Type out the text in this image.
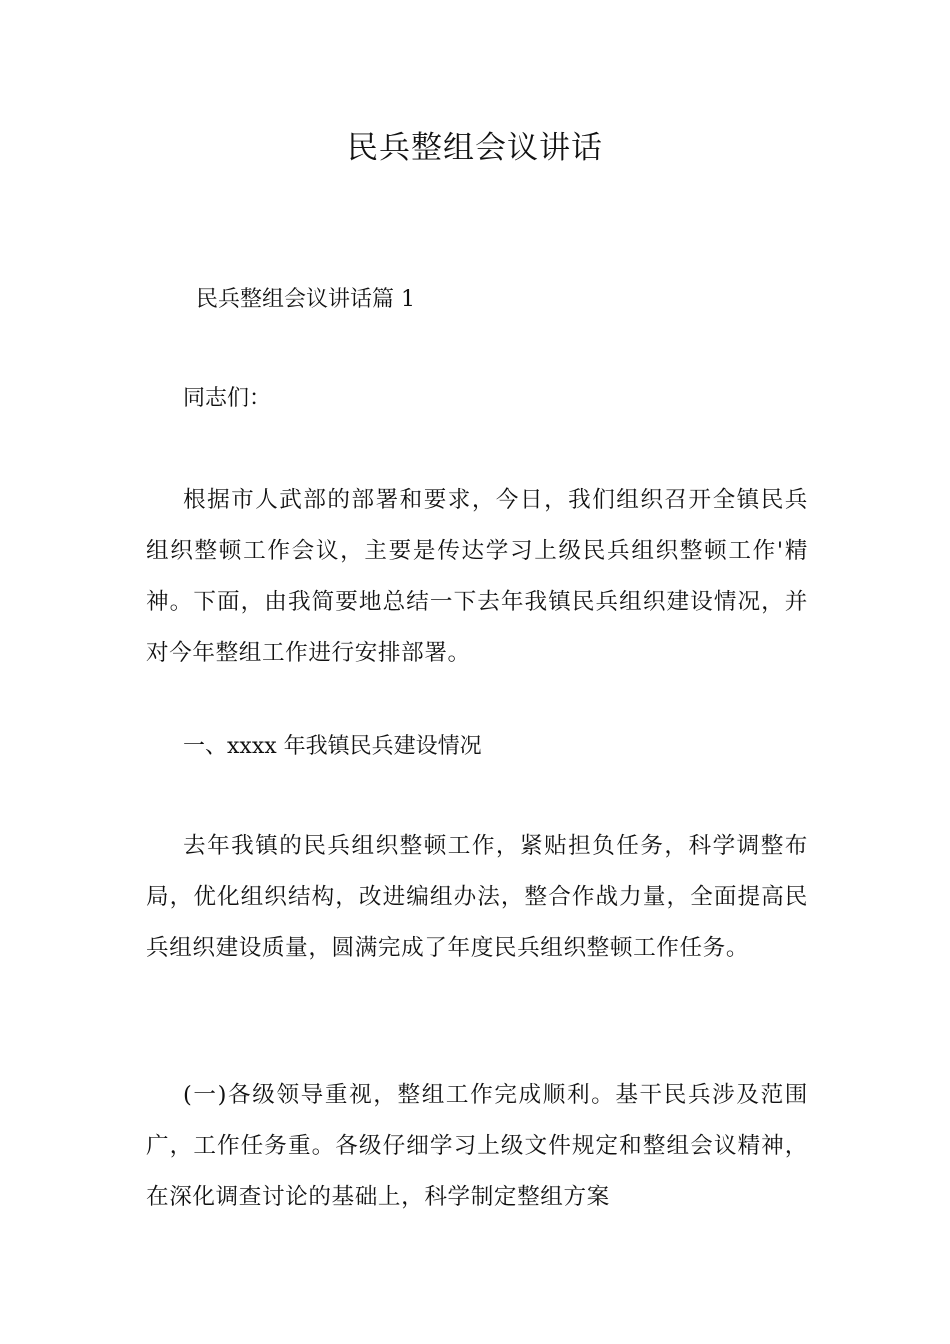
民兵整组会议讲话
民兵整组会议讲话篇 1
同志们：
根据市人武部的部署和要求，今日，我们组织召开全镇民兵组织整顿工作会议，主要是传达学习上级民兵组织整顿工作'精神。下面，由我简要地总结一下去年我镇民兵组织建设情况，并对今年整组工作进行安排部署。
一、xxxx 年我镇民兵建设情况
去年我镇的民兵组织整顿工作，紧贴担负任务，科学调整布局，优化组织结构，改进编组办法，整合作战力量，全面提高民兵组织建设质量，圆满完成了年度民兵组织整顿工作任务。
(一)各级领导重视，整组工作完成顺利。基干民兵涉及范围广，工作任务重。各级仔细学习上级文件规定和整组会议精神，在深化调查讨论的基础上，科学制定整组方案
